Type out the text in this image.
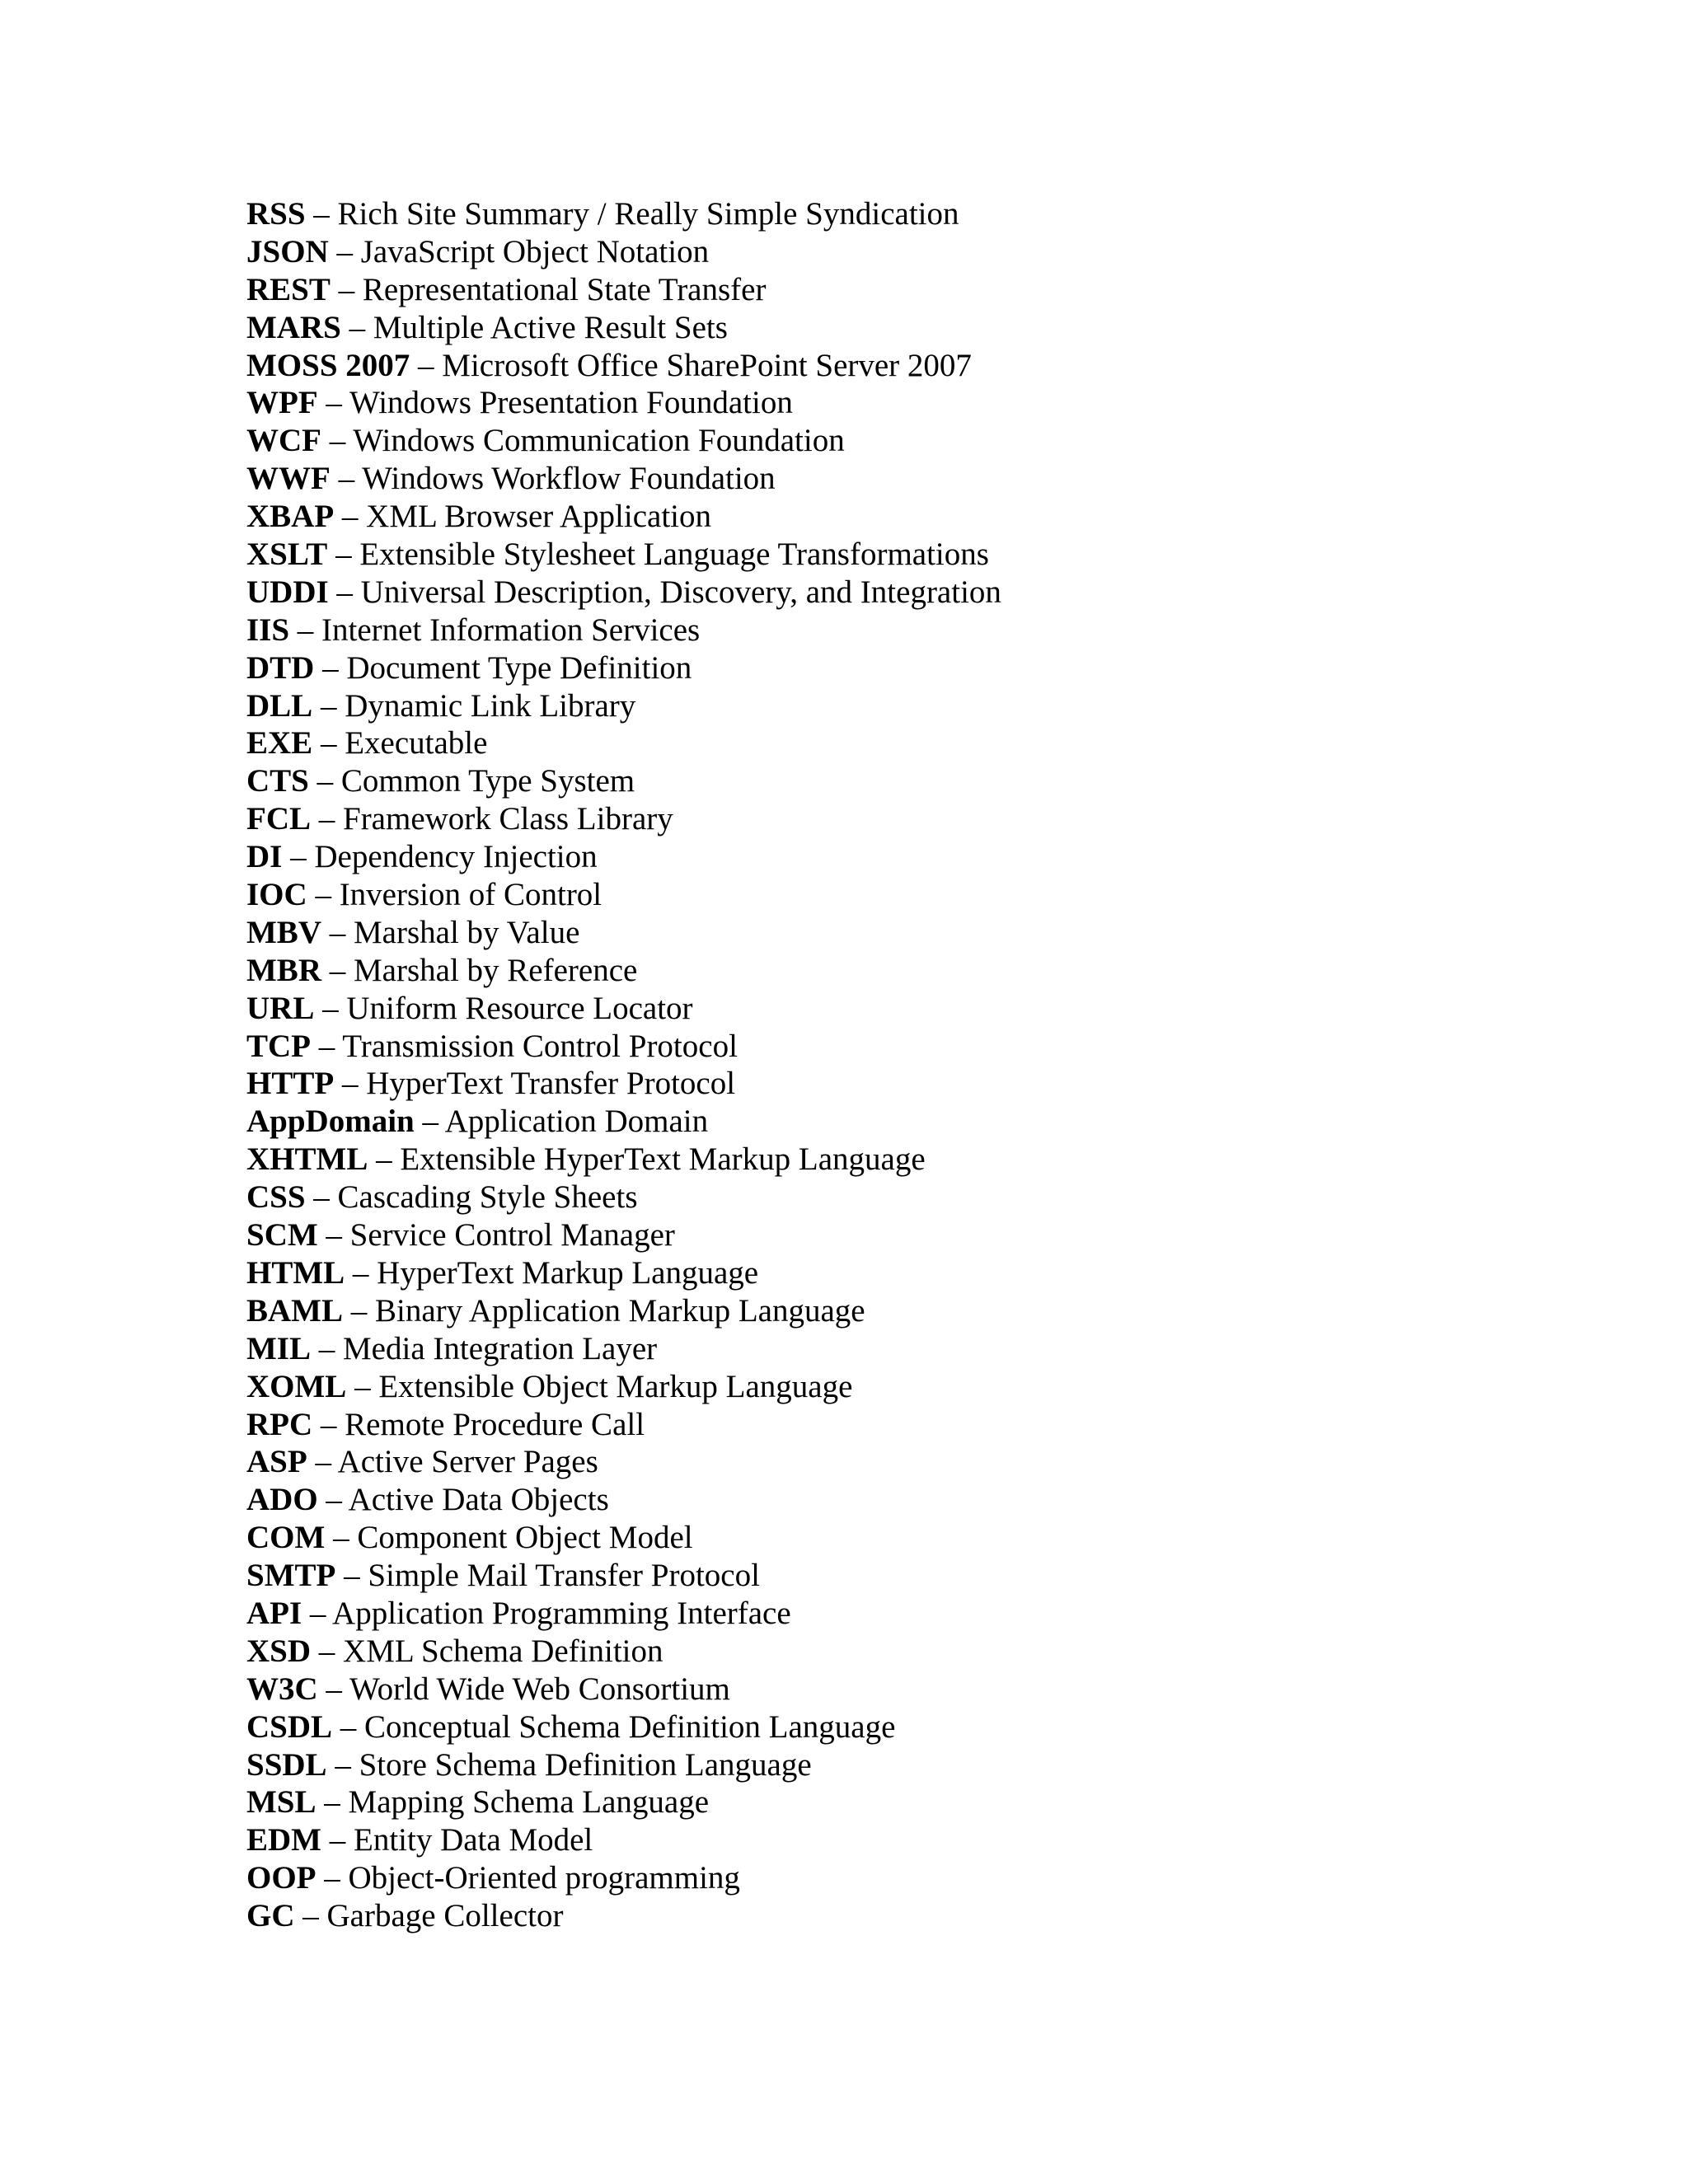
RSS – Rich Site Summary / Really Simple Syndication
JSON – JavaScript Object Notation
REST – Representational State Transfer
MARS – Multiple Active Result Sets
MOSS 2007 – Microsoft Office SharePoint Server 2007
WPF – Windows Presentation Foundation
WCF – Windows Communication Foundation
WWF – Windows Workflow Foundation
XBAP – XML Browser Application
XSLT – Extensible Stylesheet Language Transformations
UDDI – Universal Description, Discovery, and Integration
IIS – Internet Information Services
DTD – Document Type Definition
DLL – Dynamic Link Library
EXE – Executable
CTS – Common Type System
FCL – Framework Class Library
DI – Dependency Injection
IOC – Inversion of Control
MBV – Marshal by Value
MBR – Marshal by Reference
URL – Uniform Resource Locator
TCP – Transmission Control Protocol
HTTP – HyperText Transfer Protocol
AppDomain – Application Domain
XHTML – Extensible HyperText Markup Language
CSS – Cascading Style Sheets
SCM – Service Control Manager
HTML – HyperText Markup Language
BAML – Binary Application Markup Language
MIL – Media Integration Layer
XOML – Extensible Object Markup Language
RPC – Remote Procedure Call
ASP – Active Server Pages
ADO – Active Data Objects
COM – Component Object Model
SMTP – Simple Mail Transfer Protocol
API – Application Programming Interface
XSD – XML Schema Definition
W3C – World Wide Web Consortium
CSDL – Conceptual Schema Definition Language
SSDL – Store Schema Definition Language
MSL – Mapping Schema Language
EDM – Entity Data Model
OOP – Object-Oriented programming
GC – Garbage Collector
